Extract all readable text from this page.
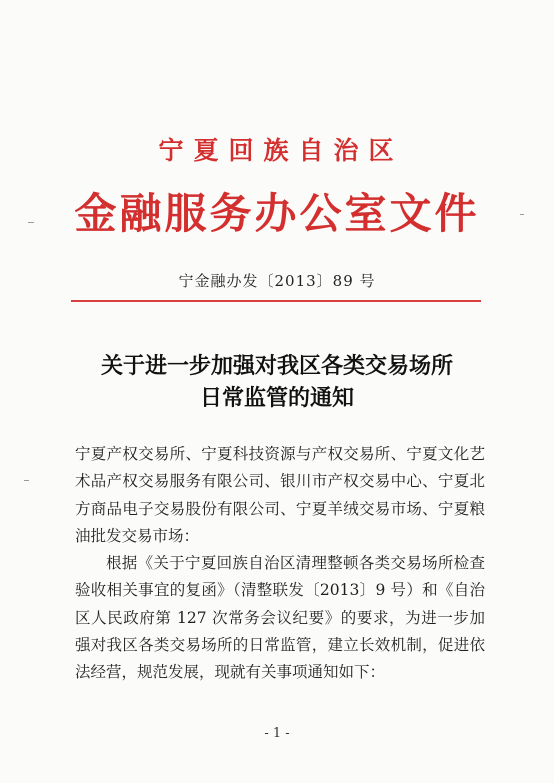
宁夏回族自治区
金融服务办公室文件
宁金融办发〔2013〕89 号
关于进一步加强对我区各类交易场所
日常监管的通知

宁夏产权交易所、宁夏科技资源与产权交易所、宁夏文化艺术品产权交易服务有限公司、银川市产权交易中心、宁夏北方商品电子交易股份有限公司、宁夏羊绒交易市场、宁夏粮油批发交易市场：

根据《关于宁夏回族自治区清理整顿各类交易场所检查验收相关事宜的复函》（清整联发〔2013〕9 号）和《自治区人民政府第 127 次常务会议纪要》的要求，为进一步加强对我区各类交易场所的日常监管，建立长效机制，促进依法经营，规范发展，现就有关事项通知如下：

- 1 -
